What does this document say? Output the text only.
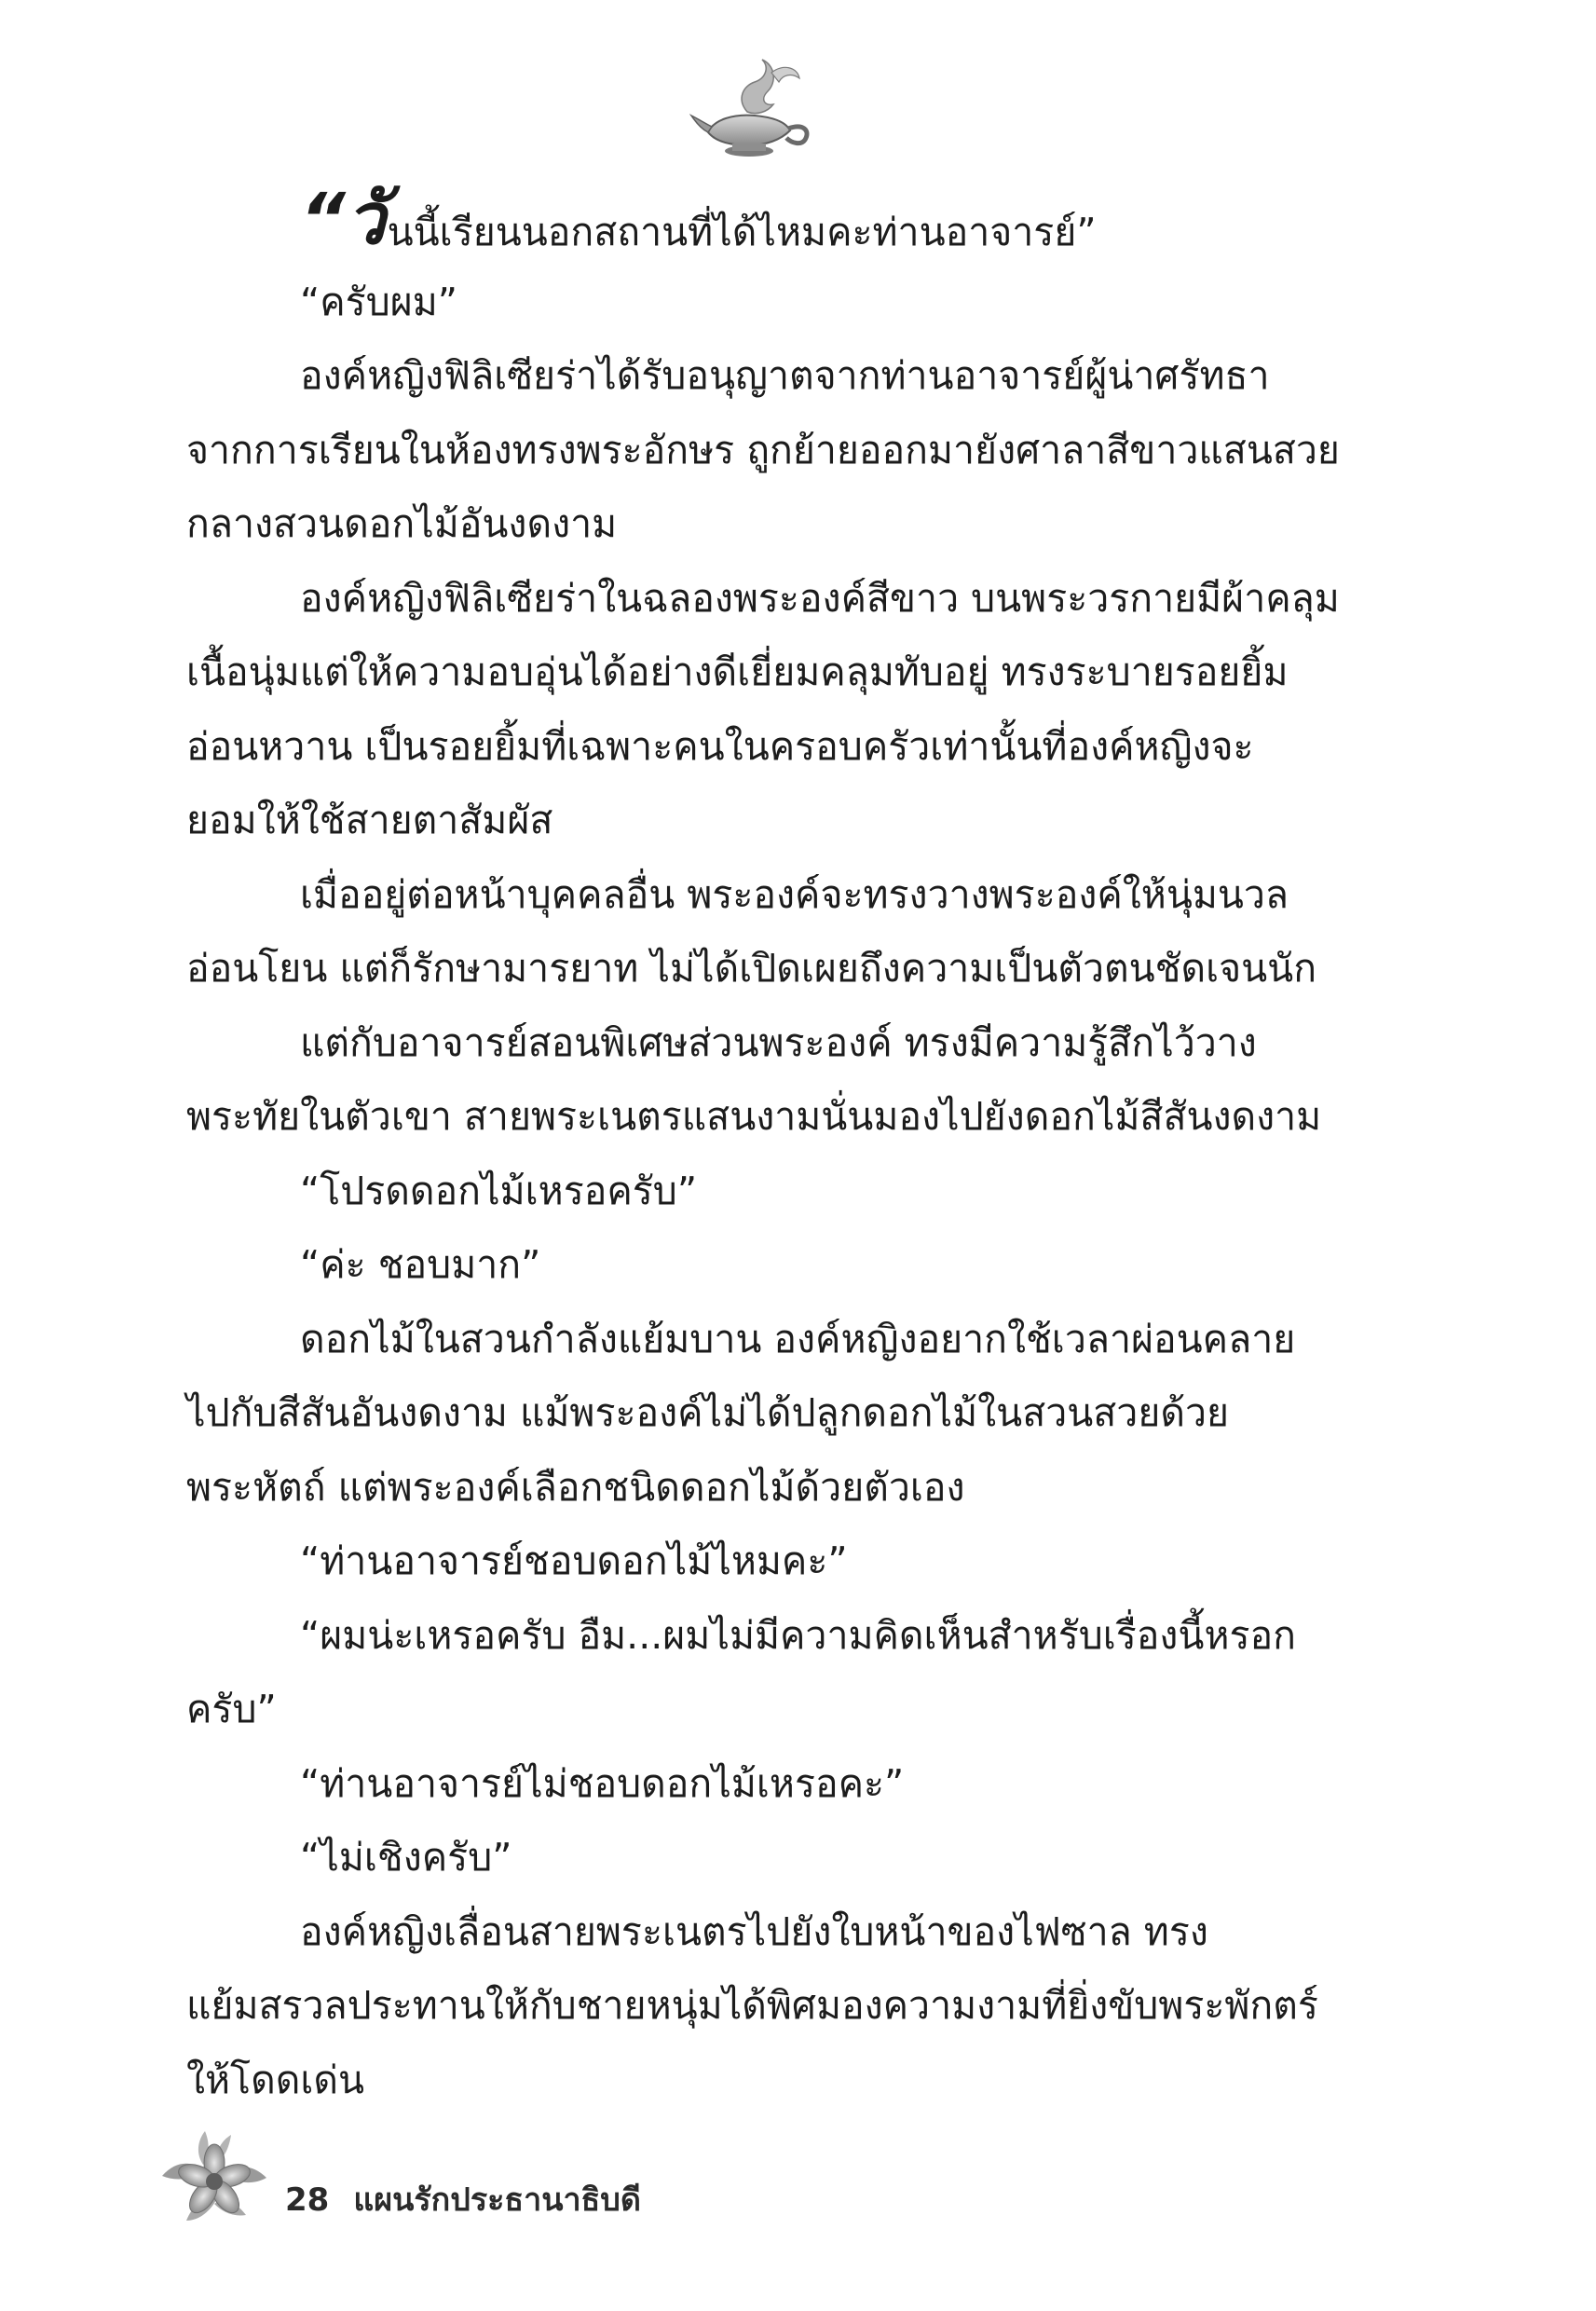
“วันนี้เรียนนอกสถานที่ได้ไหมคะท่านอาจารย์”
“ครับผม”
องค์หญิงฟิลิเซียร่าได้รับอนุญาตจากท่านอาจารย์ผู้น่าศรัทธา
จากการเรียนในห้องทรงพระอักษร ถูกย้ายออกมายังศาลาสีขาวแสนสวย
กลางสวนดอกไม้อันงดงาม
องค์หญิงฟิลิเซียร่าในฉลองพระองค์สีขาว บนพระวรกายมีผ้าคลุม
เนื้อนุ่มแต่ให้ความอบอุ่นได้อย่างดีเยี่ยมคลุมทับอยู่ ทรงระบายรอยยิ้ม
อ่อนหวาน เป็นรอยยิ้มที่เฉพาะคนในครอบครัวเท่านั้นที่องค์หญิงจะ
ยอมให้ใช้สายตาสัมผัส
เมื่ออยู่ต่อหน้าบุคคลอื่น พระองค์จะทรงวางพระองค์ให้นุ่มนวล
อ่อนโยน แต่ก็รักษามารยาท ไม่ได้เปิดเผยถึงความเป็นตัวตนชัดเจนนัก
แต่กับอาจารย์สอนพิเศษส่วนพระองค์ ทรงมีความรู้สึกไว้วาง
พระทัยในตัวเขา สายพระเนตรแสนงามนั่นมองไปยังดอกไม้สีสันงดงาม
“โปรดดอกไม้เหรอครับ”
“ค่ะ ชอบมาก”
ดอกไม้ในสวนกำลังแย้มบาน องค์หญิงอยากใช้เวลาผ่อนคลาย
ไปกับสีสันอันงดงาม แม้พระองค์ไม่ได้ปลูกดอกไม้ในสวนสวยด้วย
พระหัตถ์ แต่พระองค์เลือกชนิดดอกไม้ด้วยตัวเอง
“ท่านอาจารย์ชอบดอกไม้ไหมคะ”
“ผมน่ะเหรอครับ อืม...ผมไม่มีความคิดเห็นสำหรับเรื่องนี้หรอก
ครับ”
“ท่านอาจารย์ไม่ชอบดอกไม้เหรอคะ”
“ไม่เชิงครับ”
องค์หญิงเลื่อนสายพระเนตรไปยังใบหน้าของไฟซาล ทรง
แย้มสรวลประทานให้กับชายหนุ่มได้พิศมองความงามที่ยิ่งขับพระพักตร์
ให้โดดเด่น
28 แผนรักประธานาธิบดี
